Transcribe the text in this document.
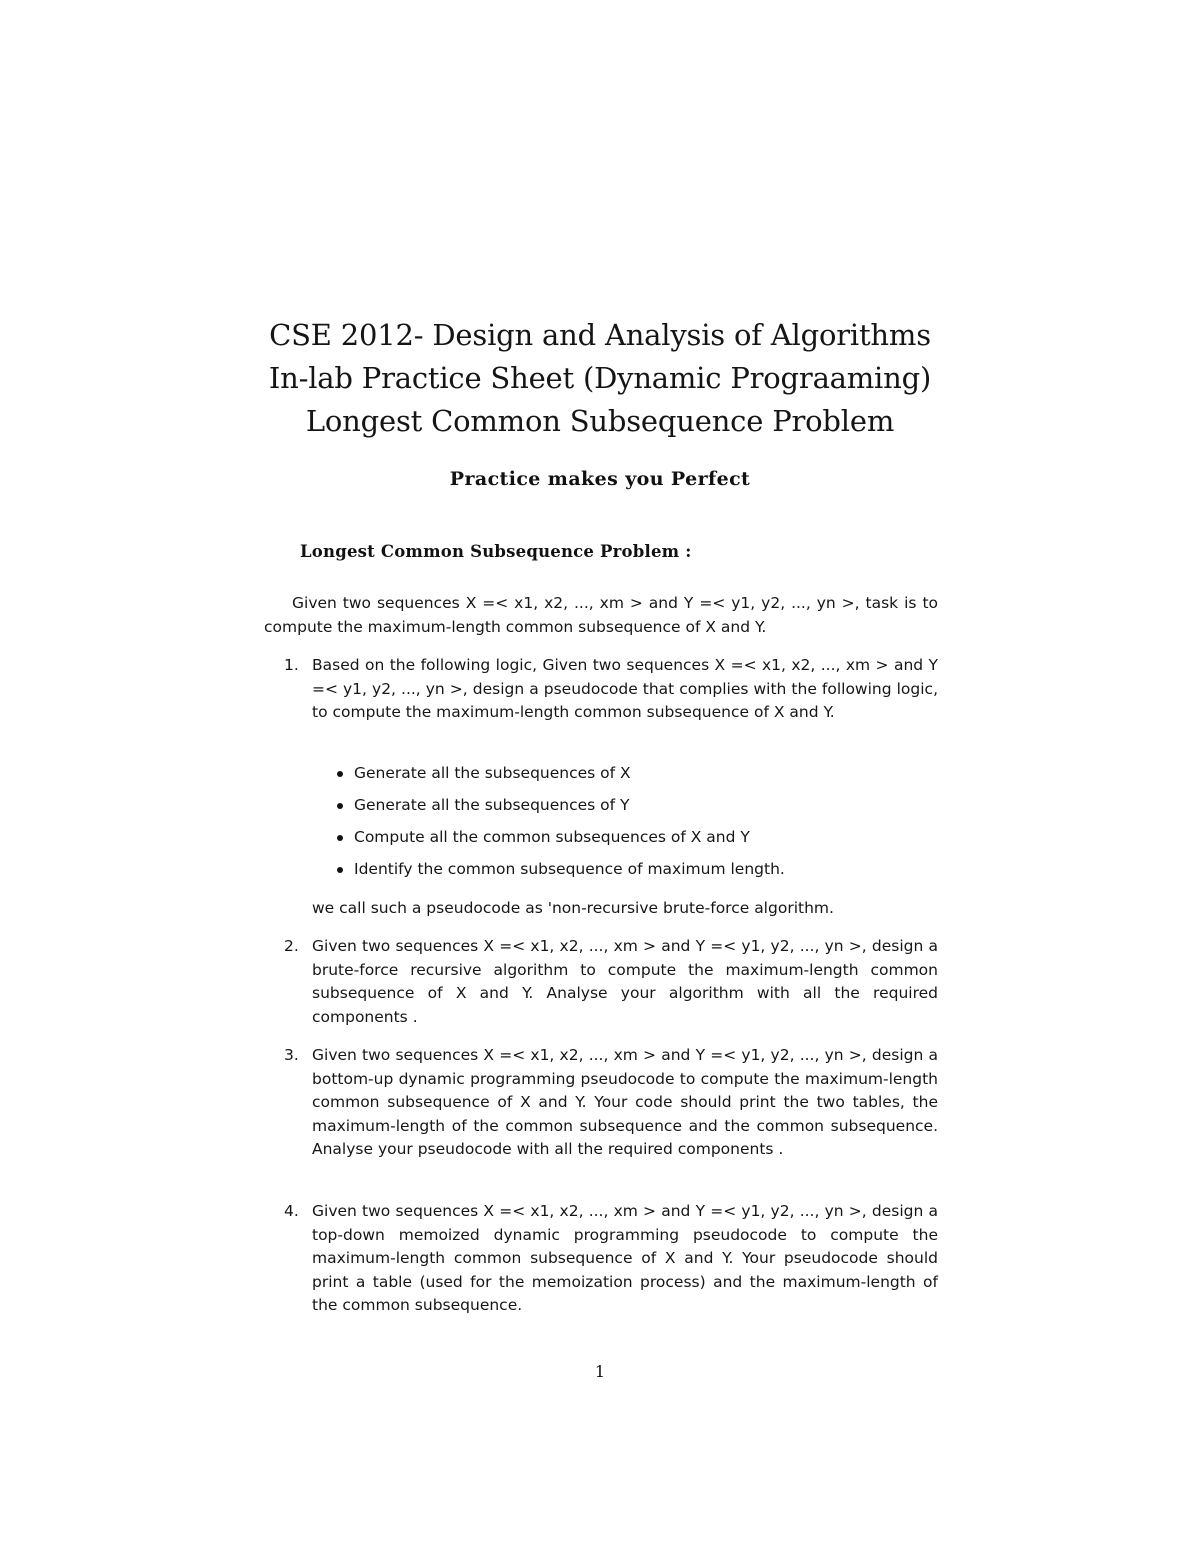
CSE 2012- Design and Analysis of Algorithms
In-lab Practice Sheet (Dynamic Prograaming)
Longest Common Subsequence Problem
Practice makes you Perfect
Longest Common Subsequence Problem :

Given two sequences X =< x1, x2, ..., xm > and Y =< y1, y2, ..., yn >, task is to compute the maximum-length common subsequence of X and Y.

1. Based on the following logic, Given two sequences X =< x1, x2, ..., xm > and Y =< y1, y2, ..., yn >, design a pseudocode that complies with the following logic, to compute the maximum-length common subsequence of X and Y.
Generate all the subsequences of X
Generate all the subsequences of Y
Compute all the common subsequences of X and Y
Identify the common subsequence of maximum length.

we call such a pseudocode as 'non-recursive brute-force algorithm.

2. Given two sequences X =< x1, x2, ..., xm > and Y =< y1, y2, ..., yn >, design a brute-force recursive algorithm to compute the maximum-length common subsequence of X and Y. Analyse your algorithm with all the required components .
3. Given two sequences X =< x1, x2, ..., xm > and Y =< y1, y2, ..., yn >, design a bottom-up dynamic programming pseudocode to compute the maximum-length common subsequence of X and Y. Your code should print the two tables, the maximum-length of the common subsequence and the common subsequence. Analyse your pseudocode with all the required components .
4. Given two sequences X =< x1, x2, ..., xm > and Y =< y1, y2, ..., yn >, design a top-down memoized dynamic programming pseudocode to compute the maximum-length common subsequence of X and Y. Your pseudocode should print a table (used for the memoization process) and the maximum-length of the common subsequence.
1
